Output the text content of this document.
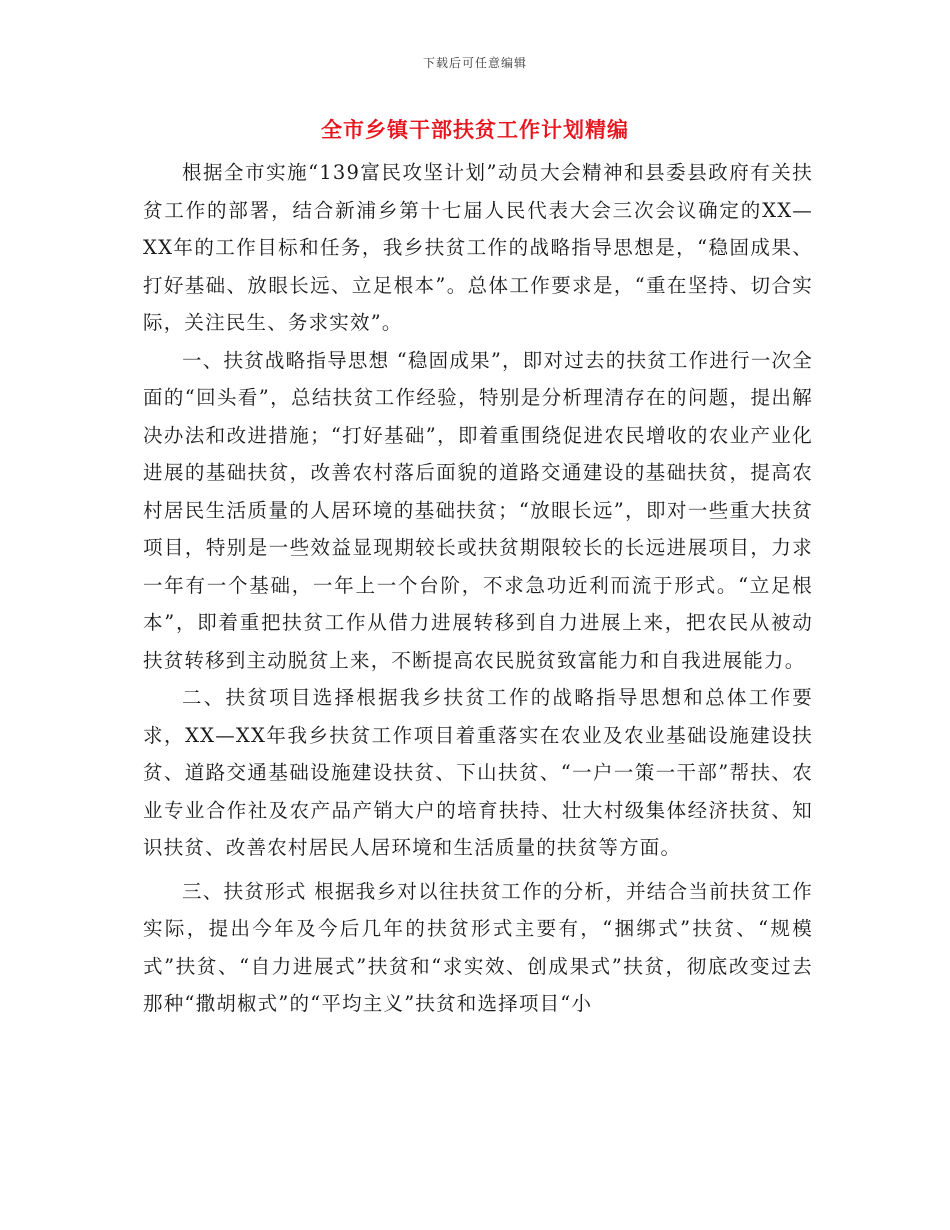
下载后可任意编辑
全市乡镇干部扶贫工作计划精编

根据全市实施“139富民攻坚计划”动员大会精神和县委县政府有关扶贫工作的部署，结合新浦乡第十七届人民代表大会三次会议确定的XX—XX年的工作目标和任务，我乡扶贫工作的战略指导思想是，“稳固成果、打好基础、放眼长远、立足根本”。总体工作要求是，“重在坚持、切合实际，关注民生、务求实效”。

一、扶贫战略指导思想 “稳固成果”，即对过去的扶贫工作进行一次全面的“回头看”，总结扶贫工作经验，特别是分析理清存在的问题，提出解决办法和改进措施；“打好基础”，即着重围绕促进农民增收的农业产业化进展的基础扶贫，改善农村落后面貌的道路交通建设的基础扶贫，提高农村居民生活质量的人居环境的基础扶贫；“放眼长远”，即对一些重大扶贫项目，特别是一些效益显现期较长或扶贫期限较长的长远进展项目，力求一年有一个基础，一年上一个台阶，不求急功近利而流于形式。“立足根本”，即着重把扶贫工作从借力进展转移到自力进展上来，把农民从被动扶贫转移到主动脱贫上来，不断提高农民脱贫致富能力和自我进展能力。

二、扶贫项目选择根据我乡扶贫工作的战略指导思想和总体工作要求，XX—XX年我乡扶贫工作项目着重落实在农业及农业基础设施建设扶贫、道路交通基础设施建设扶贫、下山扶贫、“一户一策一干部”帮扶、农业专业合作社及农产品产销大户的培育扶持、壮大村级集体经济扶贫、知识扶贫、改善农村居民人居环境和生活质量的扶贫等方面。

三、扶贫形式 根据我乡对以往扶贫工作的分析，并结合当前扶贫工作实际，提出今年及今后几年的扶贫形式主要有，“捆绑式”扶贫、“规模式”扶贫、“自力进展式”扶贫和“求实效、创成果式”扶贫，彻底改变过去那种“撒胡椒式”的“平均主义”扶贫和选择项目“小
